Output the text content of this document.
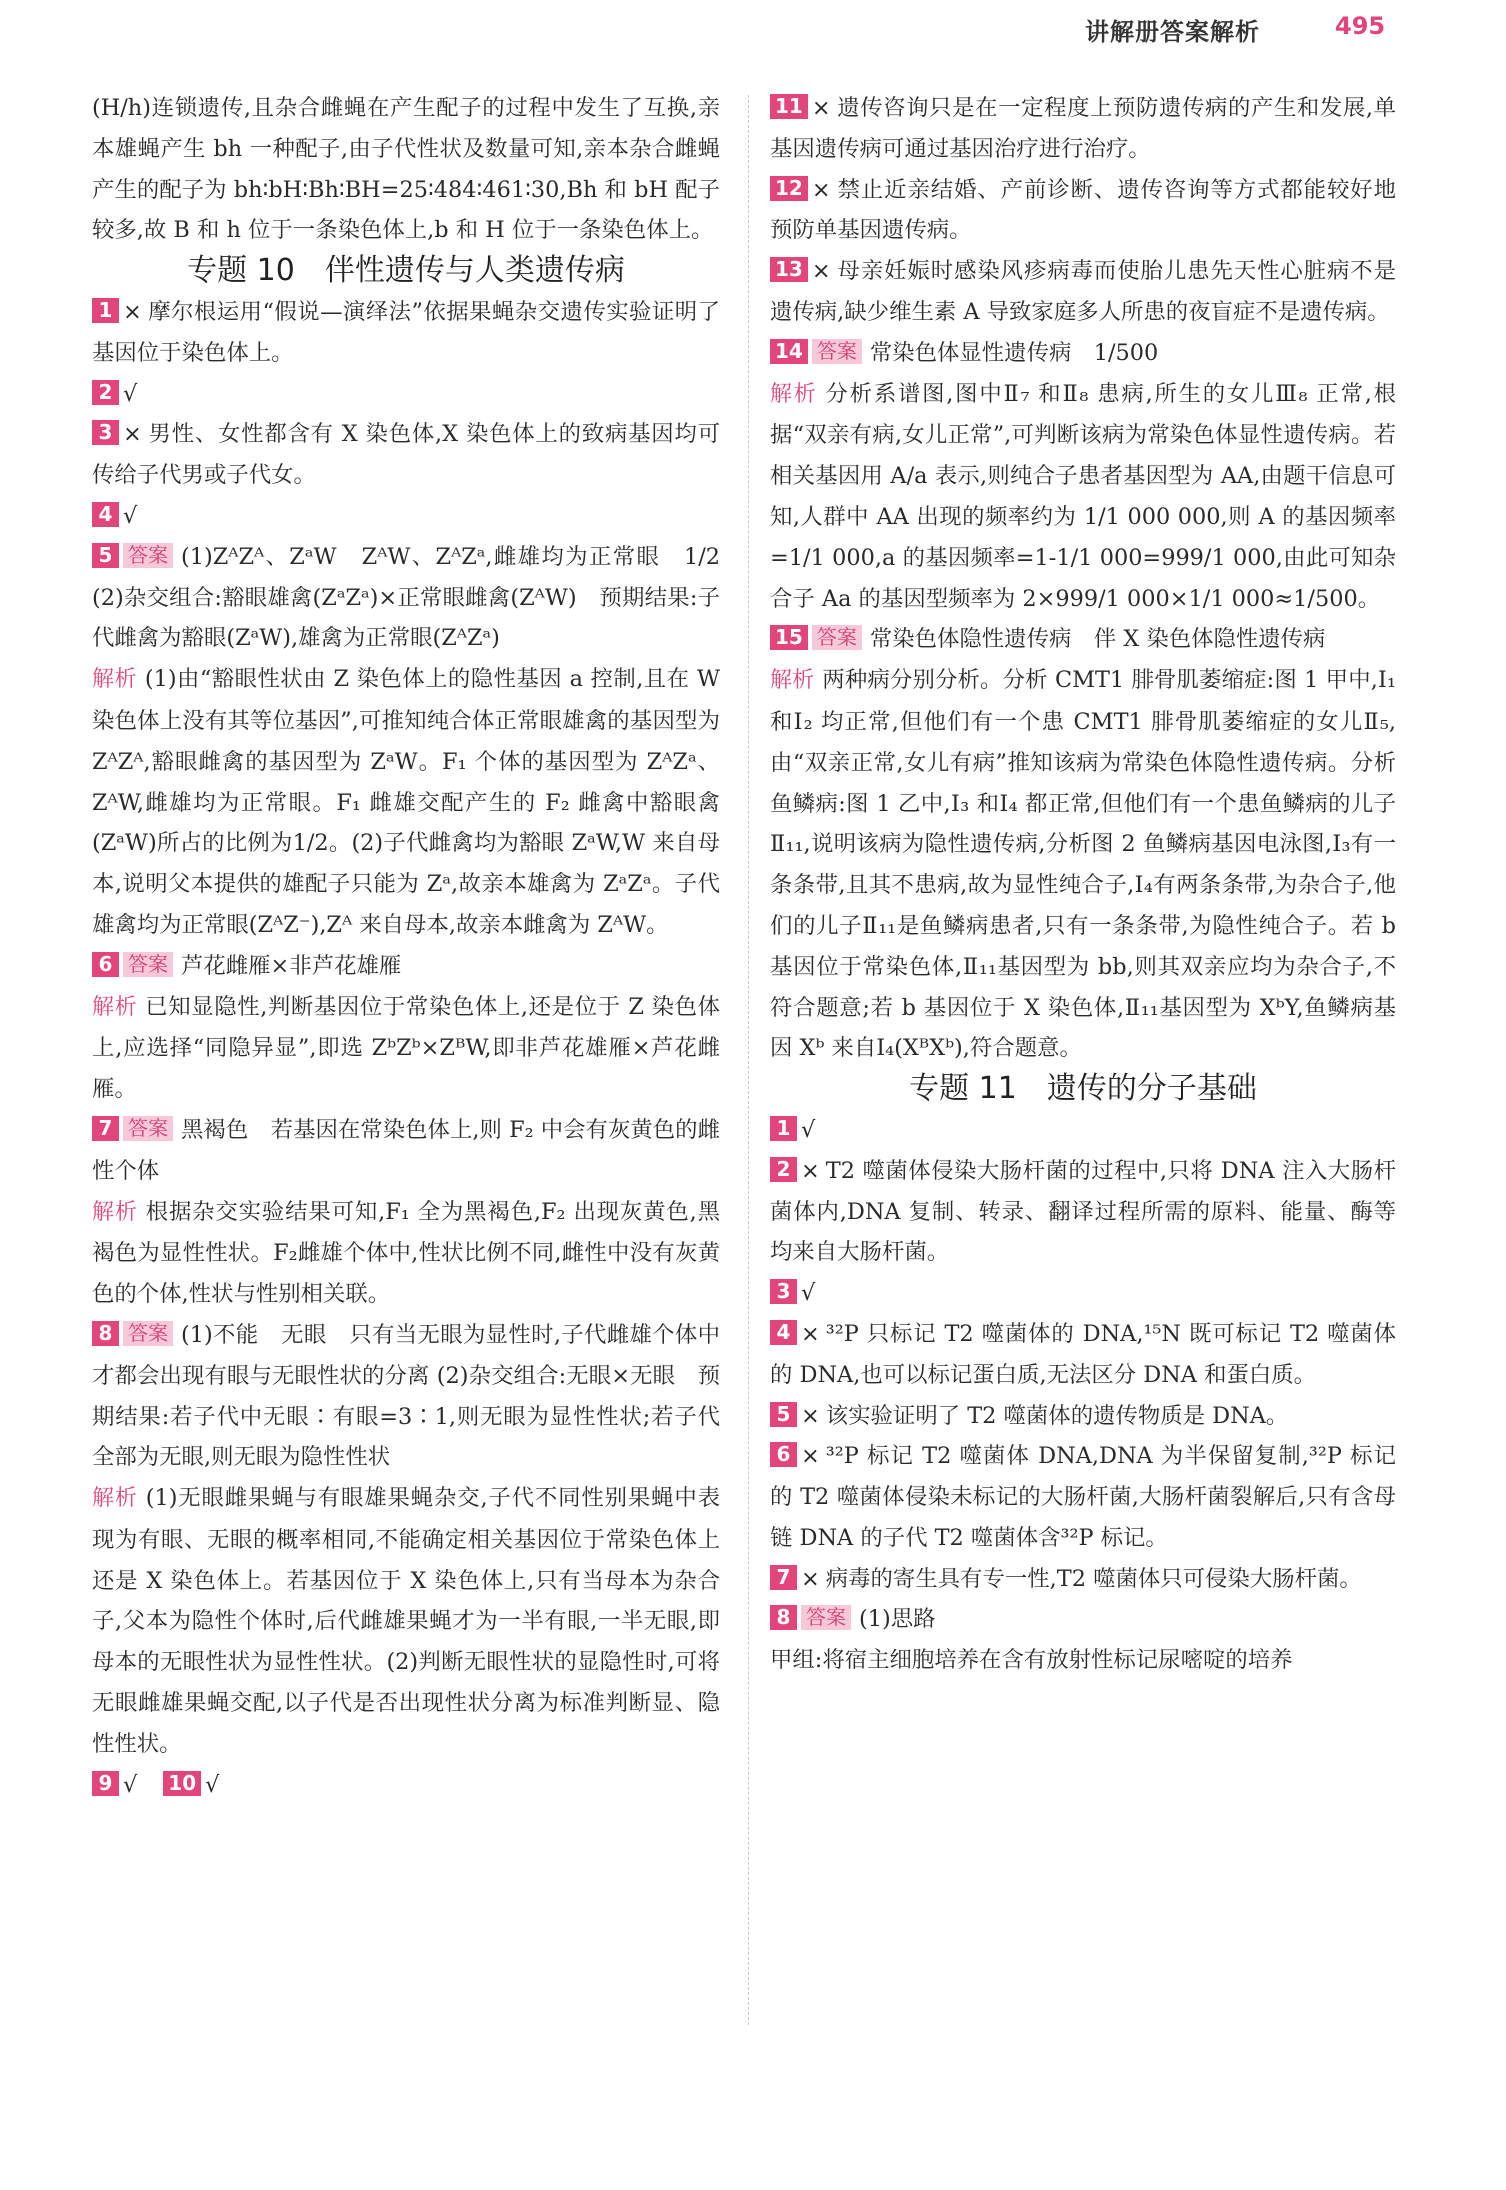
讲解册答案解析	495

(H/h)连锁遗传,且杂合雌蝇在产生配子的过程中发生了互换,亲本雄蝇产生 bh 一种配子,由子代性状及数量可知,亲本杂合雌蝇产生的配子为 bh∶bH∶Bh∶BH=25∶484∶461∶30,Bh 和 bH 配子较多,故 B 和 h 位于一条染色体上,b 和 H 位于一条染色体上。

专题 10　伴性遗传与人类遗传病

1 × 摩尔根运用“假说—演绎法”依据果蝇杂交遗传实验证明了基因位于染色体上。

2 √

3 × 男性、女性都含有 X 染色体,X 染色体上的致病基因均可传给子代男或子代女。

4 √

5 答案 (1)ZᴬZᴬ、ZᵃW　ZᴬW、ZᴬZᵃ,雌雄均为正常眼　1/2　(2)杂交组合:豁眼雄禽(ZᵃZᵃ)×正常眼雌禽(ZᴬW)　预期结果:子代雌禽为豁眼(ZᵃW),雄禽为正常眼(ZᴬZᵃ)

解析 (1)由“豁眼性状由 Z 染色体上的隐性基因 a 控制,且在 W 染色体上没有其等位基因”,可推知纯合体正常眼雄禽的基因型为 ZᴬZᴬ,豁眼雌禽的基因型为 ZᵃW。F₁ 个体的基因型为 ZᴬZᵃ、ZᴬW,雌雄均为正常眼。F₁ 雌雄交配产生的 F₂ 雌禽中豁眼禽(ZᵃW)所占的比例为1/2。(2)子代雌禽均为豁眼 ZᵃW,W 来自母本,说明父本提供的雄配子只能为 Zᵃ,故亲本雄禽为 ZᵃZᵃ。子代雄禽均为正常眼(ZᴬZ⁻),Zᴬ 来自母本,故亲本雌禽为 ZᴬW。

6 答案 芦花雌雁×非芦花雄雁

解析 已知显隐性,判断基因位于常染色体上,还是位于 Z 染色体上,应选择“同隐异显”,即选 ZᵇZᵇ×ZᴮW,即非芦花雄雁×芦花雌雁。

7 答案 黑褐色　若基因在常染色体上,则 F₂ 中会有灰黄色的雌性个体

解析 根据杂交实验结果可知,F₁ 全为黑褐色,F₂ 出现灰黄色,黑褐色为显性性状。F₂雌雄个体中,性状比例不同,雌性中没有灰黄色的个体,性状与性别相关联。

8 答案 (1)不能　无眼　只有当无眼为显性时,子代雌雄个体中才都会出现有眼与无眼性状的分离 (2)杂交组合:无眼×无眼　预期结果:若子代中无眼∶有眼=3∶1,则无眼为显性性状;若子代全部为无眼,则无眼为隐性性状

解析 (1)无眼雌果蝇与有眼雄果蝇杂交,子代不同性别果蝇中表现为有眼、无眼的概率相同,不能确定相关基因位于常染色体上还是 X 染色体上。若基因位于 X 染色体上,只有当母本为杂合子,父本为隐性个体时,后代雌雄果蝇才为一半有眼,一半无眼,即母本的无眼性状为显性性状。(2)判断无眼性状的显隐性时,可将无眼雌雄果蝇交配,以子代是否出现性状分离为标准判断显、隐性性状。

9 √ 10 √

11 × 遗传咨询只是在一定程度上预防遗传病的产生和发展,单基因遗传病可通过基因治疗进行治疗。

12 × 禁止近亲结婚、产前诊断、遗传咨询等方式都能较好地预防单基因遗传病。

13 × 母亲妊娠时感染风疹病毒而使胎儿患先天性心脏病不是遗传病,缺少维生素 A 导致家庭多人所患的夜盲症不是遗传病。

14 答案 常染色体显性遗传病　1/500

解析 分析系谱图,图中Ⅱ₇ 和Ⅱ₈ 患病,所生的女儿Ⅲ₈ 正常,根据“双亲有病,女儿正常”,可判断该病为常染色体显性遗传病。若相关基因用 A/a 表示,则纯合子患者基因型为 AA,由题干信息可知,人群中 AA 出现的频率约为 1/1 000 000,则 A 的基因频率=1/1 000,a 的基因频率=1-1/1 000=999/1 000,由此可知杂合子 Aa 的基因型频率为 2×999/1 000×1/1 000≈1/500。

15 答案 常染色体隐性遗传病　伴 X 染色体隐性遗传病

解析 两种病分别分析。分析 CMT1 腓骨肌萎缩症:图 1 甲中,Ⅰ₁ 和Ⅰ₂ 均正常,但他们有一个患 CMT1 腓骨肌萎缩症的女儿Ⅱ₅,由“双亲正常,女儿有病”推知该病为常染色体隐性遗传病。分析鱼鳞病:图 1 乙中,Ⅰ₃ 和Ⅰ₄ 都正常,但他们有一个患鱼鳞病的儿子Ⅱ₁₁,说明该病为隐性遗传病,分析图 2 鱼鳞病基因电泳图,Ⅰ₃有一条条带,且其不患病,故为显性纯合子,Ⅰ₄有两条条带,为杂合子,他们的儿子Ⅱ₁₁是鱼鳞病患者,只有一条条带,为隐性纯合子。若 b 基因位于常染色体,Ⅱ₁₁基因型为 bb,则其双亲应均为杂合子,不符合题意;若 b 基因位于 X 染色体,Ⅱ₁₁基因型为 XᵇY,鱼鳞病基因 Xᵇ 来自Ⅰ₄(XᴮXᵇ),符合题意。

专题 11　遗传的分子基础

1 √

2 × T2 噬菌体侵染大肠杆菌的过程中,只将 DNA 注入大肠杆菌体内,DNA 复制、转录、翻译过程所需的原料、能量、酶等均来自大肠杆菌。

3 √

4 × ³²P 只标记 T2 噬菌体的 DNA,¹⁵N 既可标记 T2 噬菌体的 DNA,也可以标记蛋白质,无法区分 DNA 和蛋白质。

5 × 该实验证明了 T2 噬菌体的遗传物质是 DNA。

6 × ³²P 标记 T2 噬菌体 DNA,DNA 为半保留复制,³²P 标记的 T2 噬菌体侵染未标记的大肠杆菌,大肠杆菌裂解后,只有含母链 DNA 的子代 T2 噬菌体含³²P 标记。

7 × 病毒的寄生具有专一性,T2 噬菌体只可侵染大肠杆菌。

8 答案 (1)思路

甲组:将宿主细胞培养在含有放射性标记尿嘧啶的培养
